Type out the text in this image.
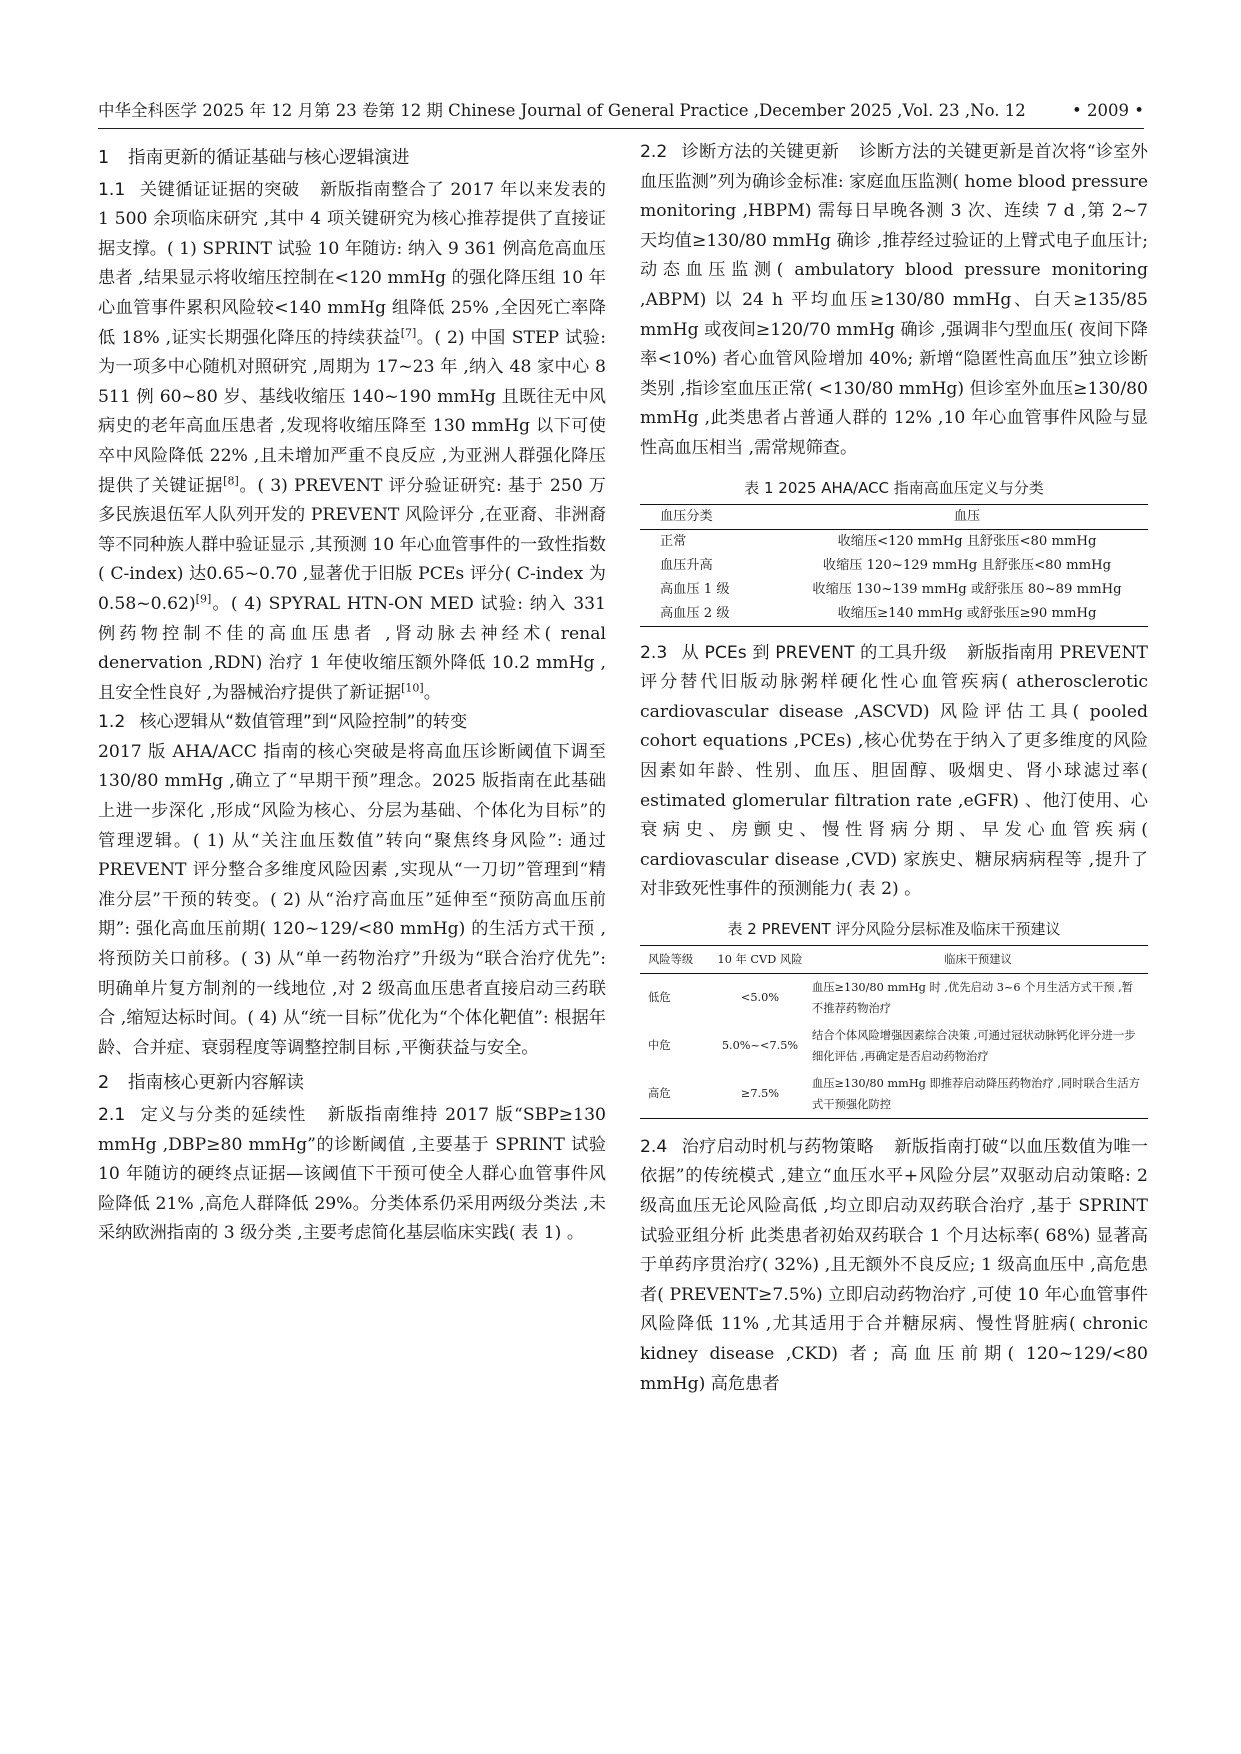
中华全科医学 2025 年 12 月第 23 卷第 12 期 Chinese Journal of General Practice ,December 2025 ,Vol. 23 ,No. 12	• 2009 •
1 指南更新的循证基础与核心逻辑演进

1.1 关键循证证据的突破 新版指南整合了 2017 年以来发表的 1 500 余项临床研究 ,其中 4 项关键研究为核心推荐提供了直接证据支撑。( 1) SPRINT 试验 10 年随访: 纳入 9 361 例高危高血压患者 ,结果显示将收缩压控制在<120 mmHg 的强化降压组 10 年心血管事件累积风险较<140 mmHg 组降低 25% ,全因死亡率降低 18% ,证实长期强化降压的持续获益[7]。( 2) 中国 STEP 试验: 为一项多中心随机对照研究 ,周期为 17~23 年 ,纳入 48 家中心 8 511 例 60~80 岁、基线收缩压 140~190 mmHg 且既往无中风病史的老年高血压患者 ,发现将收缩压降至 130 mmHg 以下可使卒中风险降低 22% ,且未增加严重不良反应 ,为亚洲人群强化降压提供了关键证据[8]。( 3) PREVENT 评分验证研究: 基于 250 万多民族退伍军人队列开发的 PREVENT 风险评分 ,在亚裔、非洲裔等不同种族人群中验证显示 ,其预测 10 年心血管事件的一致性指数( C-index) 达0.65~0.70 ,显著优于旧版 PCEs 评分( C-index 为 0.58~0.62)[9]。( 4) SPYRAL HTN-ON MED 试验: 纳入 331 例药物控制不佳的高血压患者 ,肾动脉去神经术( renal denervation ,RDN) 治疗 1 年使收缩压额外降低 10.2 mmHg ,且安全性良好 ,为器械治疗提供了新证据[10]。

1.2 核心逻辑从“数值管理”到“风险控制”的转变
2017 版 AHA/ACC 指南的核心突破是将高血压诊断阈值下调至 130/80 mmHg ,确立了“早期干预”理念。2025 版指南在此基础上进一步深化 ,形成“风险为核心、分层为基础、个体化为目标”的管理逻辑。( 1) 从“关注血压数值”转向“聚焦终身风险”: 通过 PREVENT 评分整合多维度风险因素 ,实现从“一刀切”管理到“精准分层”干预的转变。( 2) 从“治疗高血压”延伸至“预防高血压前期”: 强化高血压前期( 120~129/<80 mmHg) 的生活方式干预 ,将预防关口前移。( 3) 从“单一药物治疗”升级为“联合治疗优先”: 明确单片复方制剂的一线地位 ,对 2 级高血压患者直接启动三药联合 ,缩短达标时间。( 4) 从“统一目标”优化为“个体化靶值”: 根据年龄、合并症、衰弱程度等调整控制目标 ,平衡获益与安全。

2 指南核心更新内容解读

2.1 定义与分类的延续性 新版指南维持 2017 版“SBP≥130 mmHg ,DBP≥80 mmHg”的诊断阈值 ,主要基于 SPRINT 试验 10 年随访的硬终点证据—该阈值下干预可使全人群心血管事件风险降低 21% ,高危人群降低 29%。分类体系仍采用两级分类法 ,未采纳欧洲指南的 3 级分类 ,主要考虑简化基层临床实践( 表 1) 。

2.2 诊断方法的关键更新 诊断方法的关键更新是首次将“诊室外血压监测”列为确诊金标准: 家庭血压监测( home blood pressure monitoring ,HBPM) 需每日早晚各测 3 次、连续 7 d ,第 2~7 天均值≥130/80 mmHg 确诊 ,推荐经过验证的上臂式电子血压计; 动态血压监测( ambulatory blood pressure monitoring ,ABPM) 以 24 h 平均血压≥130/80 mmHg、白天≥135/85 mmHg 或夜间≥120/70 mmHg 确诊 ,强调非勺型血压( 夜间下降率<10%) 者心血管风险增加 40%; 新增“隐匿性高血压”独立诊断类别 ,指诊室血压正常( <130/80 mmHg) 但诊室外血压≥130/80 mmHg ,此类患者占普通人群的 12% ,10 年心血管事件风险与显性高血压相当 ,需常规筛查。

表 1 2025 AHA/ACC 指南高血压定义与分类
血压分类	血压
正常	收缩压<120 mmHg 且舒张压<80 mmHg
血压升高	收缩压 120~129 mmHg 且舒张压<80 mmHg
高血压 1 级	收缩压 130~139 mmHg 或舒张压 80~89 mmHg
高血压 2 级	收缩压≥140 mmHg 或舒张压≥90 mmHg

2.3 从 PCEs 到 PREVENT 的工具升级 新版指南用 PREVENT 评分替代旧版动脉粥样硬化性心血管疾病( atherosclerotic cardiovascular disease ,ASCVD) 风险评估工具( pooled cohort equations ,PCEs) ,核心优势在于纳入了更多维度的风险因素如年龄、性别、血压、胆固醇、吸烟史、肾小球滤过率( estimated glomerular filtration rate ,eGFR) 、他汀使用、心衰病史、房颤史、慢性肾病分期、早发心血管疾病( cardiovascular disease ,CVD) 家族史、糖尿病病程等 ,提升了对非致死性事件的预测能力( 表 2) 。

表 2 PREVENT 评分风险分层标准及临床干预建议
风险等级	10 年 CVD 风险	临床干预建议
低危	<5.0%	血压≥130/80 mmHg 时 ,优先启动 3~6 个月生活方式干预 ,暂不推荐药物治疗
中危	5.0%~<7.5%	结合个体风险增强因素综合决策 ,可通过冠状动脉钙化评分进一步细化评估 ,再确定是否启动药物治疗
高危	≥7.5%	血压≥130/80 mmHg 即推荐启动降压药物治疗 ,同时联合生活方式干预强化防控

2.4 治疗启动时机与药物策略 新版指南打破“以血压数值为唯一依据”的传统模式 ,建立“血压水平+风险分层”双驱动启动策略: 2 级高血压无论风险高低 ,均立即启动双药联合治疗 ,基于 SPRINT 试验亚组分析 此类患者初始双药联合 1 个月达标率( 68%) 显著高于单药序贯治疗( 32%) ,且无额外不良反应; 1 级高血压中 ,高危患者( PREVENT≥7.5%) 立即启动药物治疗 ,可使 10 年心血管事件风险降低 11% ,尤其适用于合并糖尿病、慢性肾脏病( chronic kidney disease ,CKD) 者; 高血压前期( 120~129/<80 mmHg) 高危患者
